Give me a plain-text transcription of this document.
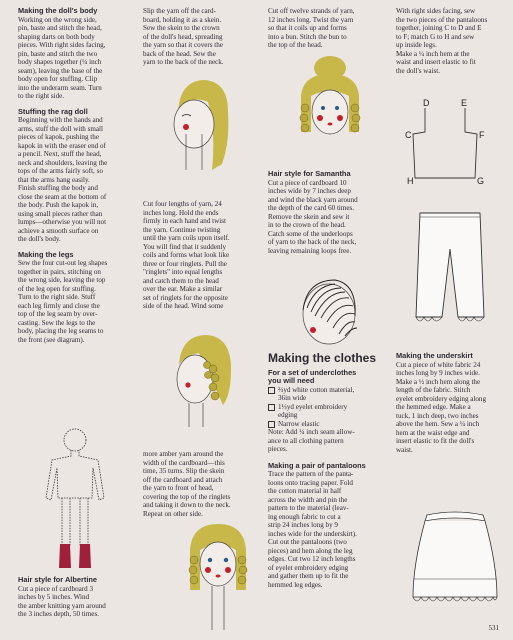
Making the doll's body

Working on the wrong side,
pin, baste and stitch the head,
shaping darts on both body
pieces. With right sides facing,
pin, baste and stitch the two
body shapes together (¼ inch
seam), leaving the base of the
body open for stuffing. Clip
into the underarm seam. Turn
to the right side.

Stuffing the rag doll

Beginning with the hands and
arms, stuff the doll with small
pieces of kapok, pushing the
kapok in with the eraser end of
a pencil. Next, stuff the head,
neck and shoulders, leaving the
tops of the arms fairly soft, so
that the arms hang easily.
Finish stuffing the body and
close the seam at the bottom of
the body. Push the kapok in,
using small pieces rather than
lumps—otherwise you will not
achieve a smooth surface on
the doll's body.

Making the legs

Sew the four cut-out leg shapes
together in pairs, stitching on
the wrong side, leaving the top
of the leg open for stuffing.
Turn to the right side. Stuff
each leg firmly and close the
top of the leg seam by over-
casting. Sew the legs to the
body, placing the leg seams to
the front (see diagram).

Hair style for Albertine

Cut a piece of cardboard 3
inches by 5 inches. Wind
the amber knitting yarn around
the 3 inches depth, 50 times.

Slip the yarn off the card-
board, holding it as a skein.
Sew the skein to the crown
of the doll's head, spreading
the yarn so that it covers the
back of the head. Sew the
yarn to the back of the neck.

Cut four lengths of yarn, 24
inches long. Hold the ends
firmly in each hand and twist
the yarn. Continue twisting
until the yarn coils upon itself.
You will find that it suddenly
coils and forms what look like
three or four ringlets. Pull the
"ringlets" into equal lengths
and catch them to the head
over the ear. Make a similar
set of ringlets for the opposite
side of the head. Wind some

more amber yarn around the
width of the cardboard—this
time, 35 turns. Slip the skein
off the cardboard and attach
the yarn to front of head,
covering the top of the ringlets
and taking it down to the neck.
Repeat on other side.

Cut off twelve strands of yarn,
12 inches long. Twist the yarn
so that it coils up and forms
into a bun. Stitch the bun to
the top of the head.

Hair style for Samantha

Cut a piece of cardboard 10
inches wide by 7 inches deep
and wind the black yarn around
the depth of the card 60 times.
Remove the skein and sew it
in to the crown of the head.
Catch some of the underloops
of yarn to the back of the neck,
leaving remaining loops free.

Making the clothes

For a set of underclothes
you will need

⅔yd white cotton material,
36in wide

1⅓yd eyelet embroidery
edging

Narrow elastic

Note: Add ¼ inch seam allow-
ance to all clothing pattern
pieces.

Making a pair of pantaloons

Trace the pattern of the panta-
loons onto tracing paper. Fold
the cotton material in half
across the width and pin the
pattern to the material (leav-
ing enough fabric to cut a
strip 24 inches long by 9
inches wide for the underskirt).
Cut out the pantaloons (two
pieces) and hem along the leg
edges. Cut two 12 inch lengths
of eyelet embroidery edging
and gather them up to fit the
hemmed leg edges.

With right sides facing, sew
the two pieces of the pantaloons
together, joining C to D and E
to F; match G to H and sew
up inside legs.
Make a ¼ inch hem at the
waist and insert elastic to fit
the doll's waist.

D	E
C	F
H	G

Making the underskirt

Cut a piece of white fabric 24
inches long by 9 inches wide.
Make a ½ inch hem along the
length of the fabric. Stitch
eyelet embroidery edging along
the hemmed edge. Make a
tuck, 1 inch deep, two inches
above the hem. Sew a ¼ inch
hem at the waist edge and
insert elastic to fit the doll's
waist.

531
